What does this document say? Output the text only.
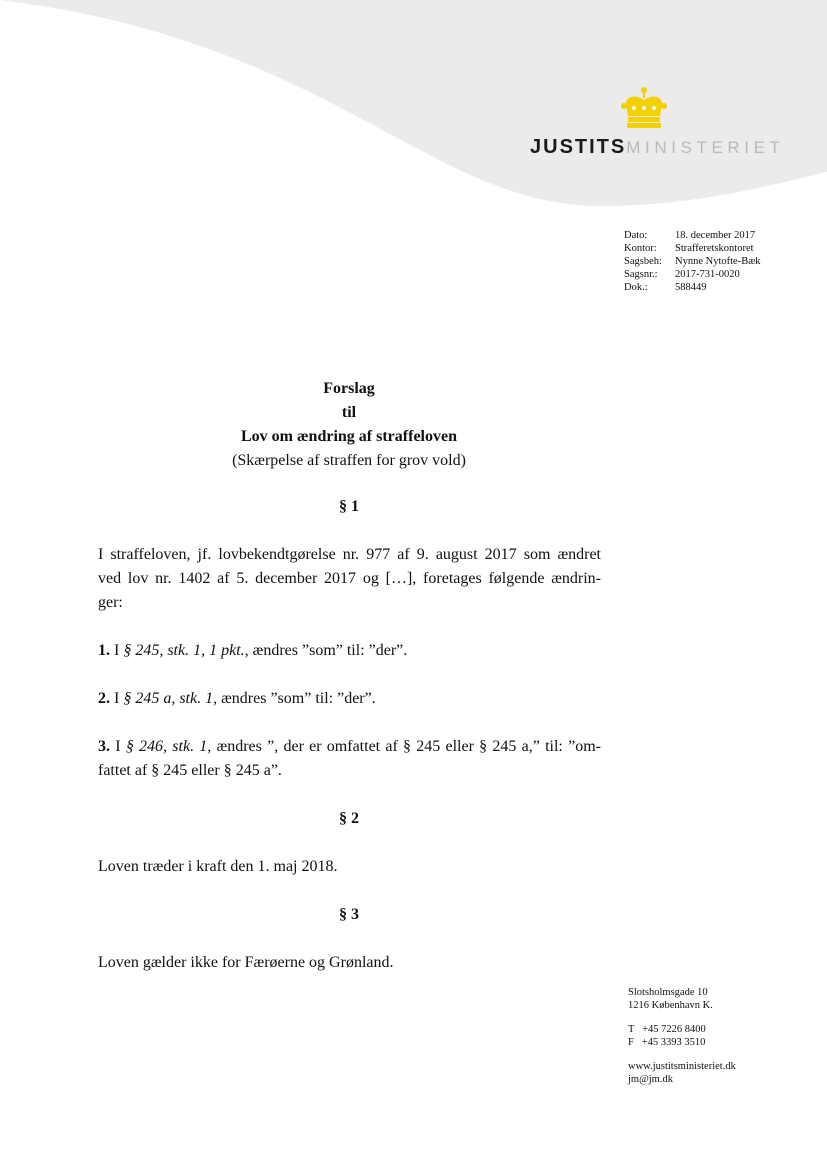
JUSTITSMINISTERIET
Dato:	18. december 2017
Kontor:	Strafferetskontoret
Sagsbeh:	Nynne Nytofte-Bæk
Sagsnr.:	2017-731-0020
Dok.:	588449
Forslag
til
Lov om ændring af straffeloven
(Skærpelse af straffen for grov vold)
§ 1
I straffeloven, jf. lovbekendtgørelse nr. 977 af 9. august 2017 som ændret
ved lov nr. 1402 af 5. december 2017 og […], foretages følgende ændrin-
ger:
1. I § 245, stk. 1, 1 pkt., ændres ”som” til: ”der”.
2. I § 245 a, stk. 1, ændres ”som” til: ”der”.
3. I § 246, stk. 1, ændres ”, der er omfattet af § 245 eller § 245 a,” til: ”om-
fattet af § 245 eller § 245 a”.
§ 2
Loven træder i kraft den 1. maj 2018.
§ 3
Loven gælder ikke for Færøerne og Grønland.
Slotsholmsgade 10
1216 København K.
T   +45 7226 8400
F   +45 3393 3510
www.justitsministeriet.dk
jm@jm.dk
